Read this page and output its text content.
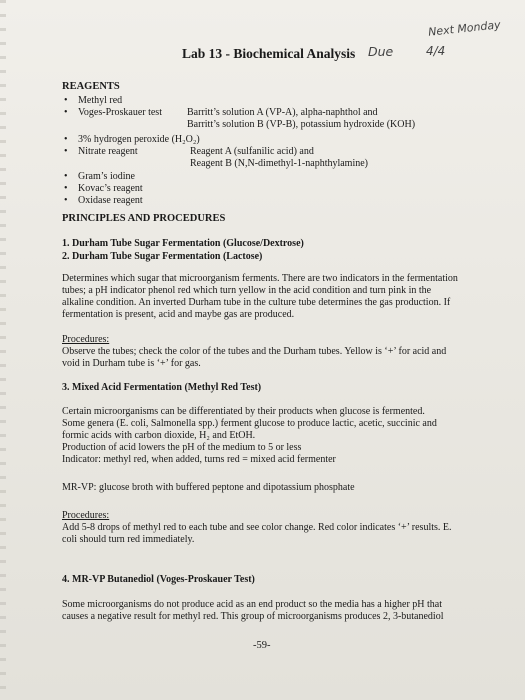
Next Monday
Due	4/4
Lab 13 - Biochemical Analysis
REAGENTS
• Methyl red
• Voges-Proskauer test	Barritt’s solution A (VP-A), alpha-naphthol and
Barritt’s solution B (VP-B), potassium hydroxide (KOH)
• 3% hydrogen peroxide (H₂O₂)
• Nitrate reagent	Reagent A (sulfanilic acid) and
Reagent B (N,N-dimethyl-1-naphthylamine)
• Gram’s iodine
• Kovac’s reagent
• Oxidase reagent
PRINCIPLES AND PROCEDURES
1. Durham Tube Sugar Fermentation (Glucose/Dextrose)
2. Durham Tube Sugar Fermentation (Lactose)
Determines which sugar that microorganism ferments. There are two indicators in the fermentation
tubes; a pH indicator phenol red which turn yellow in the acid condition and turn pink in the
alkaline condition. An inverted Durham tube in the culture tube determines the gas production. If
fermentation is present, acid and maybe gas are produced.
Procedures:
Observe the tubes; check the color of the tubes and the Durham tubes. Yellow is ‘+’ for acid and
void in Durham tube is ‘+’ for gas.
3. Mixed Acid Fermentation (Methyl Red Test)
Certain microorganisms can be differentiated by their products when glucose is fermented.
Some genera (E. coli, Salmonella spp.) ferment glucose to produce lactic, acetic, succinic and
formic acids with carbon dioxide, H₂ and EtOH.
Production of acid lowers the pH of the medium to 5 or less
Indicator: methyl red, when added, turns red = mixed acid fermenter
MR-VP: glucose broth with buffered peptone and dipotassium phosphate
Procedures:
Add 5-8 drops of methyl red to each tube and see color change. Red color indicates ‘+’ results. E.
coli should turn red immediately.
4. MR-VP Butanediol (Voges-Proskauer Test)
Some microorganisms do not produce acid as an end product so the media has a higher pH that
causes a negative result for methyl red. This group of microorganisms produces 2, 3-butanediol
-59-
